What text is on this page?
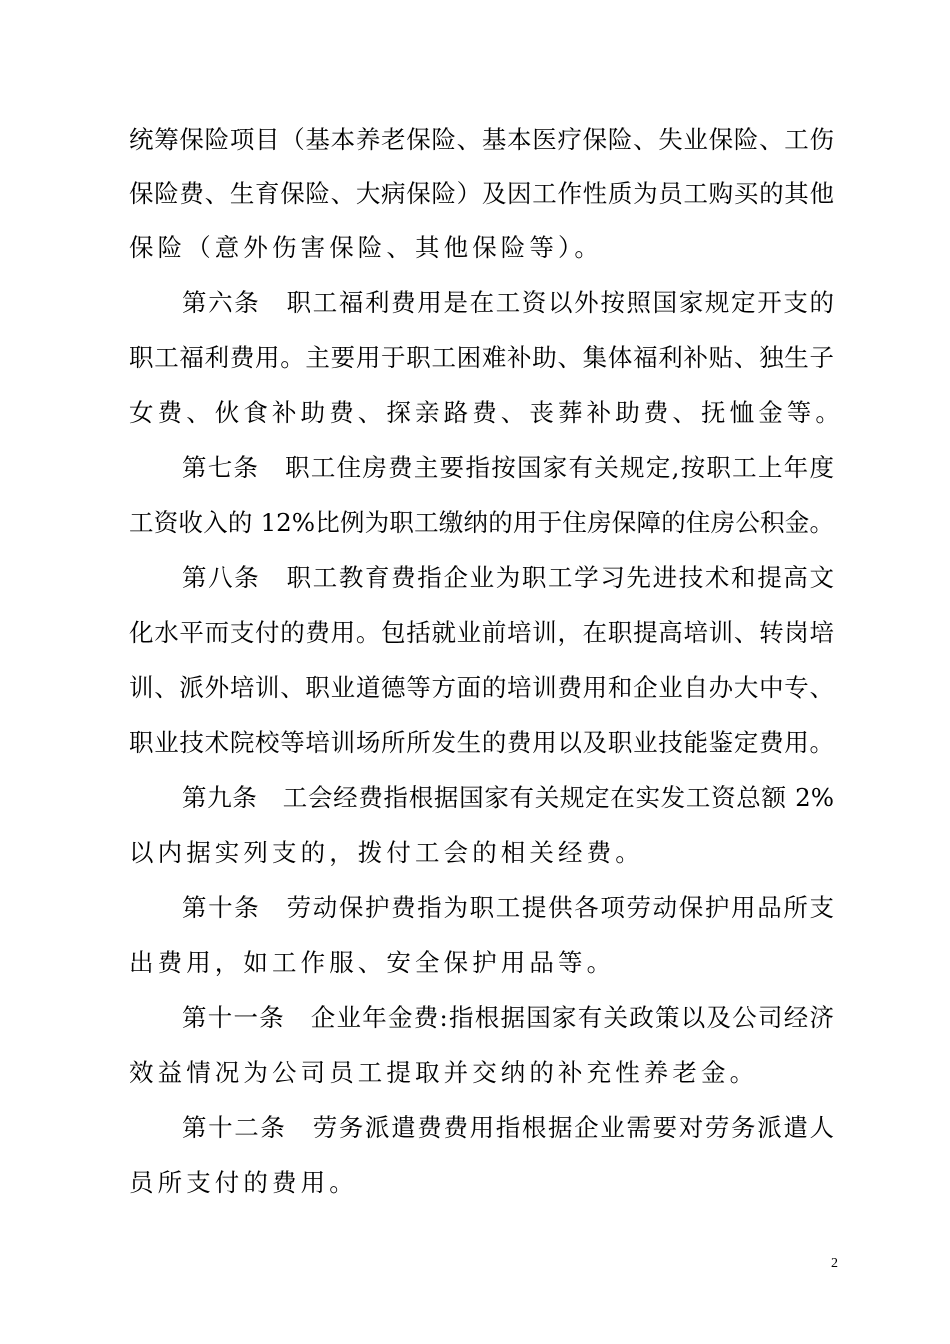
统筹保险项目（基本养老保险、基本医疗保险、失业保险、工伤
保险费、生育保险、大病保险）及因工作性质为员工购买的其他
保险（意外伤害保险、其他保险等）。
第六条　职工福利费用是在工资以外按照国家规定开支的
职工福利费用。主要用于职工困难补助、集体福利补贴、独生子
女费、伙食补助费、探亲路费、丧葬补助费、抚恤金等。
第七条　职工住房费主要指按国家有关规定,按职工上年度
工资收入的 12%比例为职工缴纳的用于住房保障的住房公积金。
第八条　职工教育费指企业为职工学习先进技术和提高文
化水平而支付的费用。包括就业前培训，在职提高培训、转岗培
训、派外培训、职业道德等方面的培训费用和企业自办大中专、
职业技术院校等培训场所所发生的费用以及职业技能鉴定费用。
第九条　工会经费指根据国家有关规定在实发工资总额 2%
以内据实列支的，拨付工会的相关经费。
第十条　劳动保护费指为职工提供各项劳动保护用品所支
出费用，如工作服、安全保护用品等。
第十一条　企业年金费:指根据国家有关政策以及公司经济
效益情况为公司员工提取并交纳的补充性养老金。
第十二条　劳务派遣费费用指根据企业需要对劳务派遣人
员所支付的费用。
2
